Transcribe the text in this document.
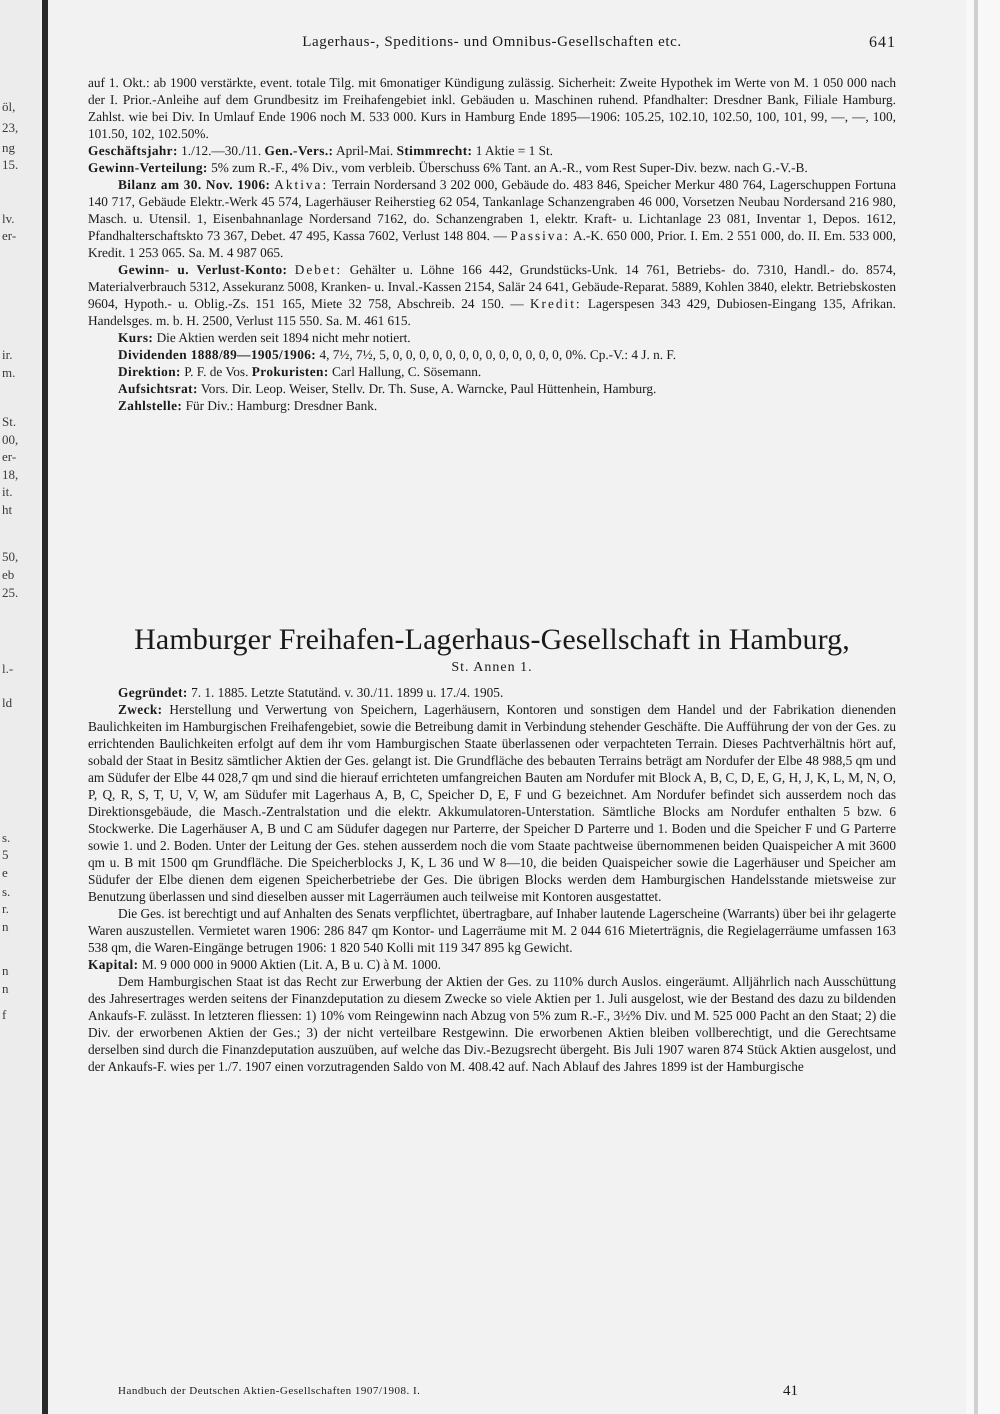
öl,
23,
ng
15.
lv.
er-
ir.
m.
St.
00,
er-
18,
it.
ht
50,
eb
25.
l.-
ld
s.
5
e
s.
r.
n
n
n
f
Lagerhaus-, Speditions- und Omnibus-Gesellschaften etc.	641

auf 1. Okt.: ab 1900 verstärkte, event. totale Tilg. mit 6monatiger Kündigung zulässig. Sicherheit: Zweite Hypothek im Werte von M. 1 050 000 nach der I. Prior.-Anleihe auf dem Grundbesitz im Freihafengebiet inkl. Gebäuden u. Maschinen ruhend. Pfandhalter: Dresdner Bank, Filiale Hamburg. Zahlst. wie bei Div. In Umlauf Ende 1906 noch M. 533 000. Kurs in Hamburg Ende 1895—1906: 105.25, 102.10, 102.50, 100, 101, 99, —, —, 100, 101.50, 102, 102.50%.

Geschäftsjahr: 1./12.—30./11. Gen.-Vers.: April-Mai. Stimmrecht: 1 Aktie = 1 St.

Gewinn-Verteilung: 5% zum R.-F., 4% Div., vom verbleib. Überschuss 6% Tant. an A.-R., vom Rest Super-Div. bezw. nach G.-V.-B.

Bilanz am 30. Nov. 1906: Aktiva: Terrain Nordersand 3 202 000, Gebäude do. 483 846, Speicher Merkur 480 764, Lagerschuppen Fortuna 140 717, Gebäude Elektr.-Werk 45 574, Lagerhäuser Reiherstieg 62 054, Tankanlage Schanzengraben 46 000, Vorsetzen Neubau Nordersand 216 980, Masch. u. Utensil. 1, Eisenbahnanlage Nordersand 7162, do. Schanzengraben 1, elektr. Kraft- u. Lichtanlage 23 081, Inventar 1, Depos. 1612, Pfandhalterschaftskto 73 367, Debet. 47 495, Kassa 7602, Verlust 148 804. — Passiva: A.-K. 650 000, Prior. I. Em. 2 551 000, do. II. Em. 533 000, Kredit. 1 253 065. Sa. M. 4 987 065.

Gewinn- u. Verlust-Konto: Debet: Gehälter u. Löhne 166 442, Grundstücks-Unk. 14 761, Betriebs- do. 7310, Handl.- do. 8574, Materialverbrauch 5312, Assekuranz 5008, Kranken- u. Inval.-Kassen 2154, Salär 24 641, Gebäude-Reparat. 5889, Kohlen 3840, elektr. Betriebskosten 9604, Hypoth.- u. Oblig.-Zs. 151 165, Miete 32 758, Abschreib. 24 150. — Kredit: Lagerspesen 343 429, Dubiosen-Eingang 135, Afrikan. Handelsges. m. b. H. 2500, Verlust 115 550. Sa. M. 461 615.

Kurs: Die Aktien werden seit 1894 nicht mehr notiert.

Dividenden 1888/89—1905/1906: 4, 7½, 7½, 5, 0, 0, 0, 0, 0, 0, 0, 0, 0, 0, 0, 0, 0, 0%. Cp.-V.: 4 J. n. F.

Direktion: P. F. de Vos. Prokuristen: Carl Hallung, C. Sösemann.

Aufsichtsrat: Vors. Dir. Leop. Weiser, Stellv. Dr. Th. Suse, A. Warncke, Paul Hüttenhein, Hamburg.

Zahlstelle: Für Div.: Hamburg: Dresdner Bank.

Hamburger Freihafen-Lagerhaus-Gesellschaft in Hamburg,
St. Annen 1.

Gegründet: 7. 1. 1885. Letzte Statutänd. v. 30./11. 1899 u. 17./4. 1905.

Zweck: Herstellung und Verwertung von Speichern, Lagerhäusern, Kontoren und sonstigen dem Handel und der Fabrikation dienenden Baulichkeiten im Hamburgischen Freihafengebiet, sowie die Betreibung damit in Verbindung stehender Geschäfte. Die Aufführung der von der Ges. zu errichtenden Baulichkeiten erfolgt auf dem ihr vom Hamburgischen Staate überlassenen oder verpachteten Terrain. Dieses Pachtverhältnis hört auf, sobald der Staat in Besitz sämtlicher Aktien der Ges. gelangt ist. Die Grundfläche des bebauten Terrains beträgt am Nordufer der Elbe 48 988,5 qm und am Südufer der Elbe 44 028,7 qm und sind die hierauf errichteten umfangreichen Bauten am Nordufer mit Block A, B, C, D, E, G, H, J, K, L, M, N, O, P, Q, R, S, T, U, V, W, am Südufer mit Lagerhaus A, B, C, Speicher D, E, F und G bezeichnet. Am Nordufer befindet sich ausserdem noch das Direktionsgebäude, die Masch.-Zentralstation und die elektr. Akkumulatoren-Unterstation. Sämtliche Blocks am Nordufer enthalten 5 bzw. 6 Stockwerke. Die Lagerhäuser A, B und C am Südufer dagegen nur Parterre, der Speicher D Parterre und 1. Boden und die Speicher F und G Parterre sowie 1. und 2. Boden. Unter der Leitung der Ges. stehen ausserdem noch die vom Staate pachtweise übernommenen beiden Quaispeicher A mit 3600 qm u. B mit 1500 qm Grundfläche. Die Speicherblocks J, K, L 36 und W 8—10, die beiden Quaispeicher sowie die Lagerhäuser und Speicher am Südufer der Elbe dienen dem eigenen Speicherbetriebe der Ges. Die übrigen Blocks werden dem Hamburgischen Handelsstande mietsweise zur Benutzung überlassen und sind dieselben ausser mit Lagerräumen auch teilweise mit Kontoren ausgestattet.

Die Ges. ist berechtigt und auf Anhalten des Senats verpflichtet, übertragbare, auf Inhaber lautende Lagerscheine (Warrants) über bei ihr gelagerte Waren auszustellen. Vermietet waren 1906: 286 847 qm Kontor- und Lagerräume mit M. 2 044 616 Mieterträgnis, die Regielagerräume umfassen 163 538 qm, die Waren-Eingänge betrugen 1906: 1 820 540 Kolli mit 119 347 895 kg Gewicht.

Kapital: M. 9 000 000 in 9000 Aktien (Lit. A, B u. C) à M. 1000.

Dem Hamburgischen Staat ist das Recht zur Erwerbung der Aktien der Ges. zu 110% durch Auslos. eingeräumt. Alljährlich nach Ausschüttung des Jahresertrages werden seitens der Finanzdeputation zu diesem Zwecke so viele Aktien per 1. Juli ausgelost, wie der Bestand des dazu zu bildenden Ankaufs-F. zulässt. In letzteren fliessen: 1) 10% vom Reingewinn nach Abzug von 5% zum R.-F., 3½% Div. und M. 525 000 Pacht an den Staat; 2) die Div. der erworbenen Aktien der Ges.; 3) der nicht verteilbare Restgewinn. Die erworbenen Aktien bleiben vollberechtigt, und die Gerechtsame derselben sind durch die Finanzdeputation auszuüben, auf welche das Div.-Bezugsrecht übergeht. Bis Juli 1907 waren 874 Stück Aktien ausgelost, und der Ankaufs-F. wies per 1./7. 1907 einen vorzutragenden Saldo von M. 408.42 auf. Nach Ablauf des Jahres 1899 ist der Hamburgische

Handbuch der Deutschen Aktien-Gesellschaften 1907/1908. I.	41
